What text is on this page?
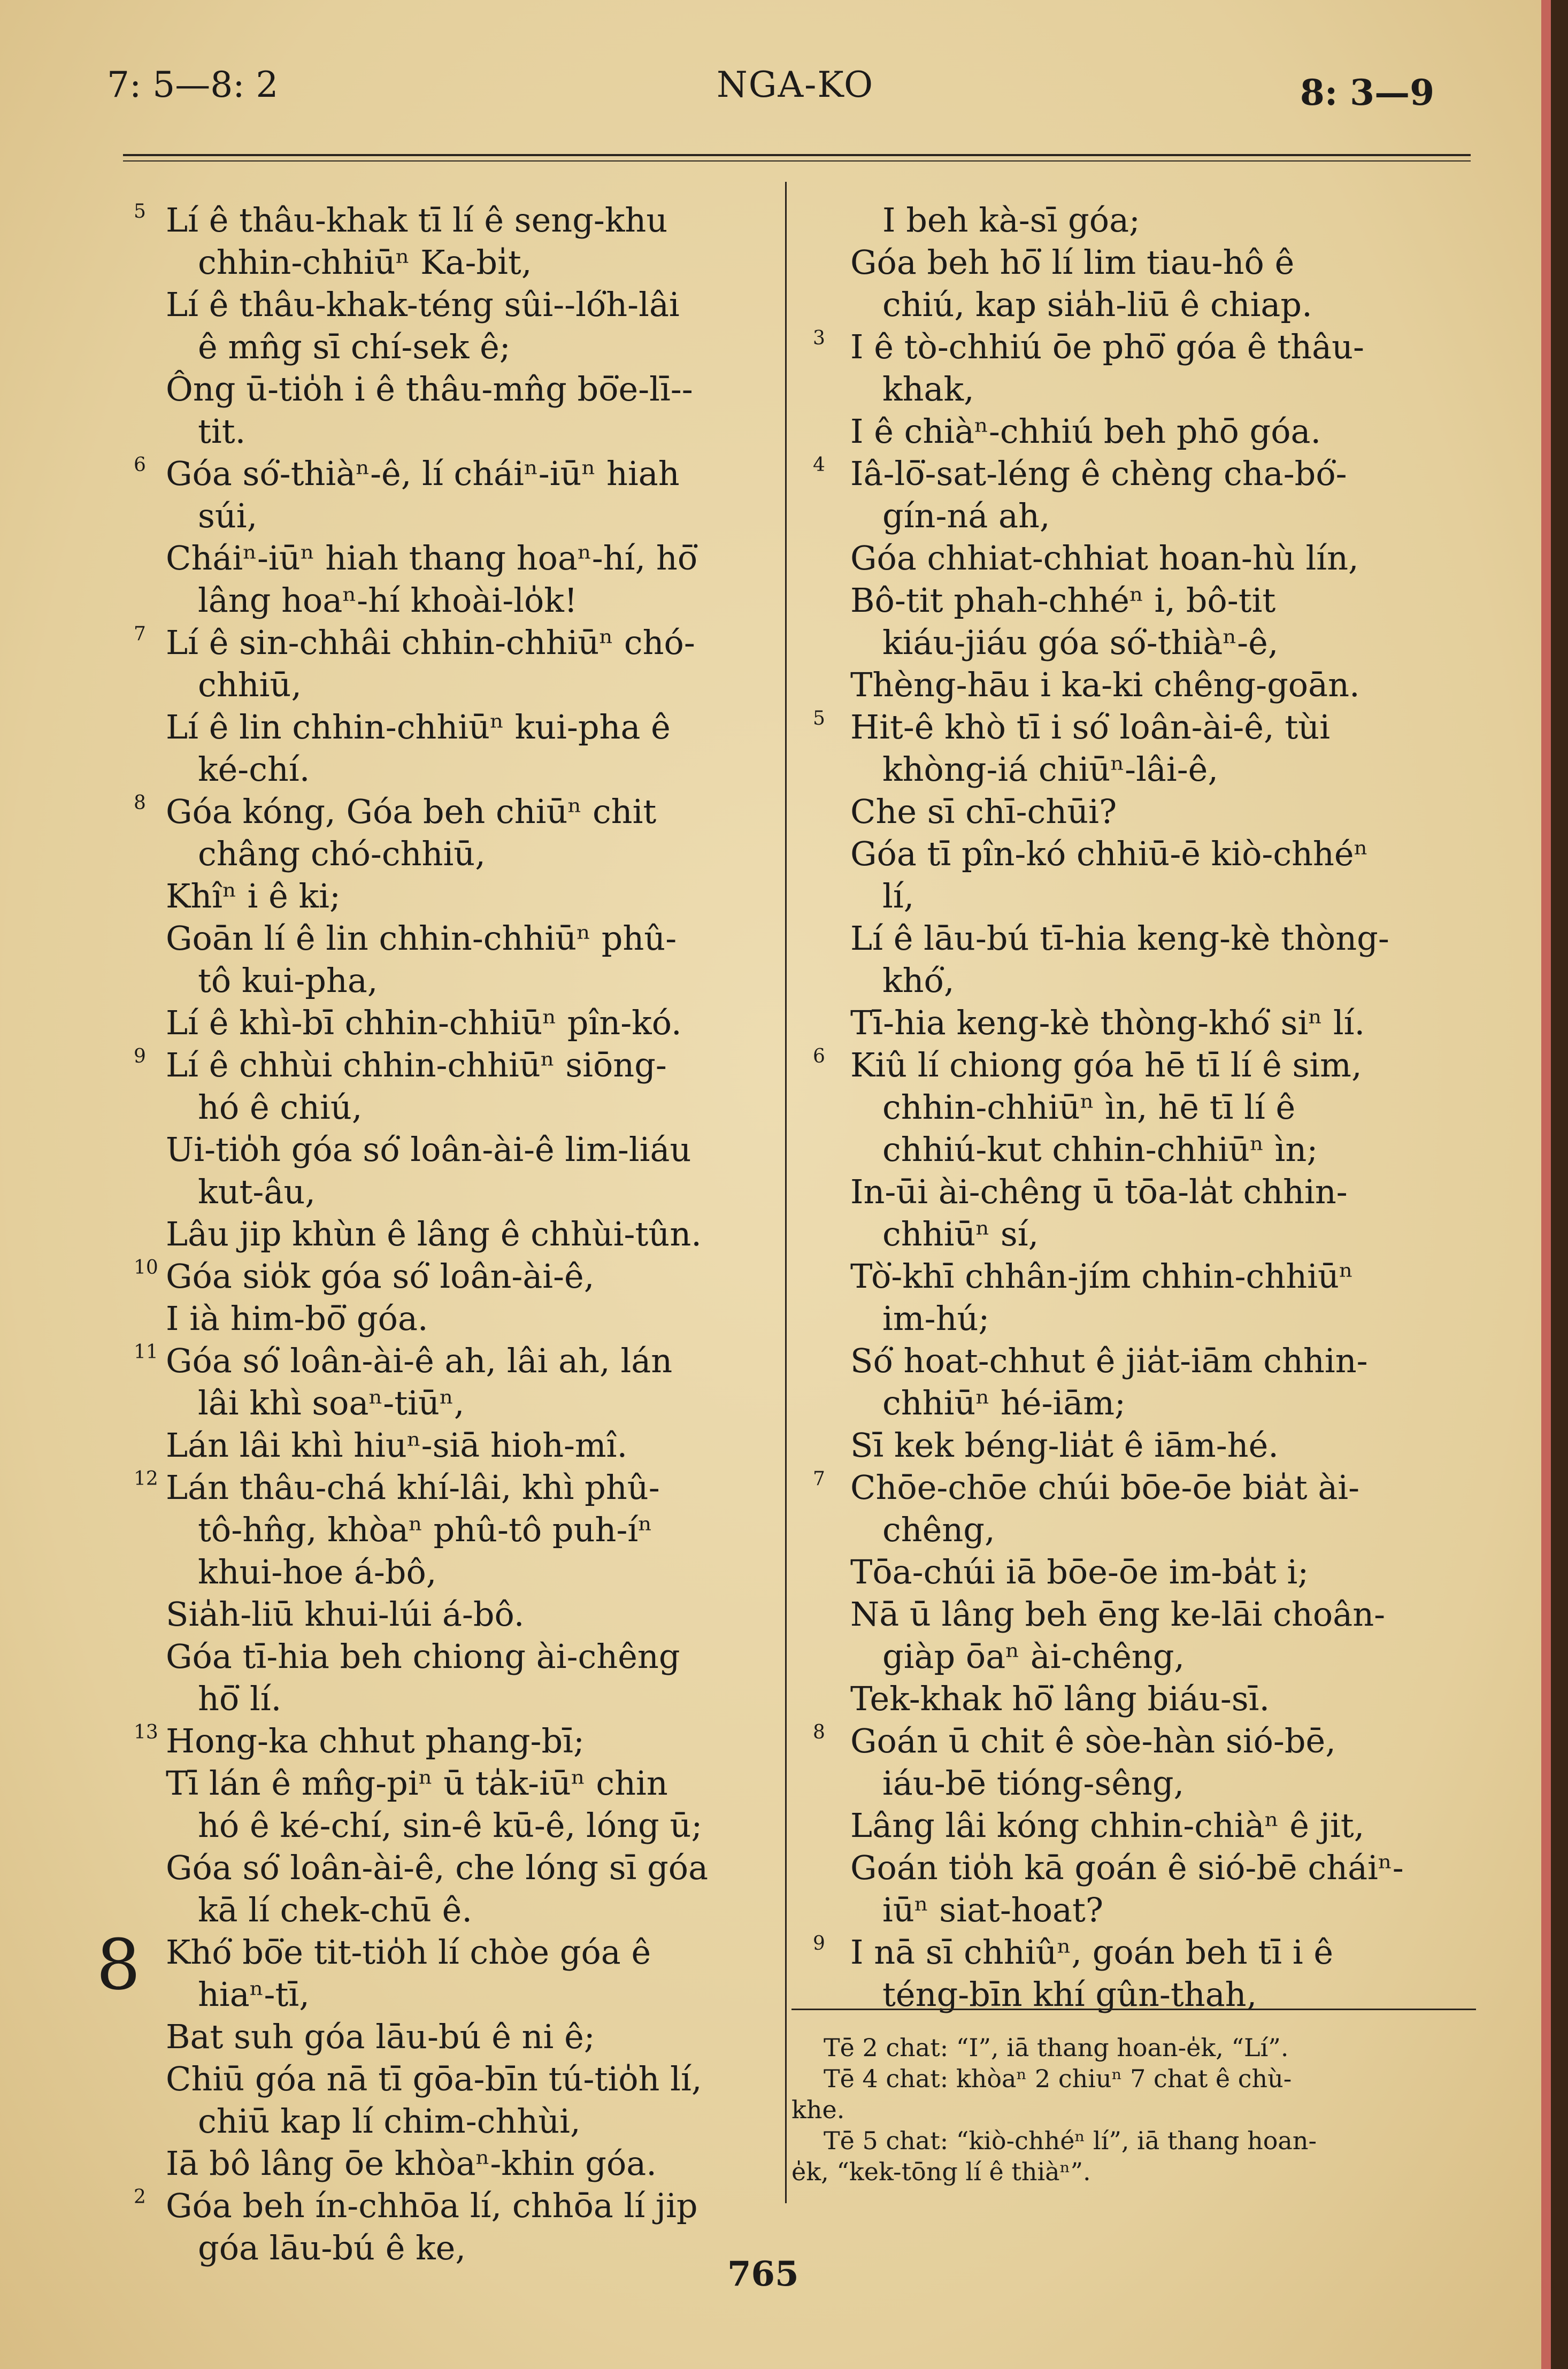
7: 5—8: 2	NGA-KO	8: 3—9
5 Lí ê thâu-khak tī lí ê seng-khu
chhin-chhiūⁿ Ka-bi̍t,
Lí ê thâu-khak-téng sûi--ló͘h-lâi
ê mn̂g sī chí-sek ê;
Ông ū-tio̍h i ê thâu-mn̂g bō͘e-lī--
tit.
6 Góa só͘-thiàⁿ-ê, lí cháiⁿ-iūⁿ hiah
súi,
Cháiⁿ-iūⁿ hiah thang hoaⁿ-hí, hō͘
lâng hoaⁿ-hí khoài-lo̍k!
7 Lí ê sin-chhâi chhin-chhiūⁿ chó-
chhiū,
Lí ê lin chhin-chhiūⁿ kui-pha ê
ké-chí.
8 Góa kóng, Góa beh chiūⁿ chit
châng chó-chhiū,
Khîⁿ i ê ki;
Goān lí ê lin chhin-chhiūⁿ phû-
tô kui-pha,
Lí ê khì-bī chhin-chhiūⁿ pîn-kó.
9 Lí ê chhùi chhin-chhiūⁿ siōng-
hó ê chiú,
Ui-tio̍h góa só͘ loân-ài-ê lim-liáu
kut-âu,
Lâu jip khùn ê lâng ê chhùi-tûn.
10 Góa sio̍k góa só͘ loân-ài-ê,
I ià him-bō͘ góa.
11 Góa só͘ loân-ài-ê ah, lâi ah, lán
lâi khì soaⁿ-tiūⁿ,
Lán lâi khì hiuⁿ-siā hioh-mî.
12 Lán thâu-chá khí-lâi, khì phû-
tô-hn̂g, khòaⁿ phû-tô puh-íⁿ
khui-hoe á-bô,
Sia̍h-liū khui-lúi á-bô.
Góa tī-hia beh chiong ài-chêng
hō͘ lí.
13 Hong-ka chhut phang-bī;
Tī lán ê mn̂g-piⁿ ū ta̍k-iūⁿ chin
hó ê ké-chí, sin-ê kū-ê, lóng ū;
Góa só͘ loân-ài-ê, che lóng sī góa
kā lí chek-chū ê.
8 Khó͘ bō͘e tit-tio̍h lí chòe góa ê
hiaⁿ-tī,
Bat suh góa lāu-bú ê ni ê;
Chiū góa nā tī gōa-bīn tú-tio̍h lí,
chiū kap lí chim-chhùi,
Iā bô lâng ōe khòaⁿ-khin góa.
2 Góa beh ín-chhōa lí, chhōa lí jip
góa lāu-bú ê ke,
I beh kà-sī góa;
Góa beh hō͘ lí lim tiau-hô ê
chiú, kap sia̍h-liū ê chiap.
3 I ê tò-chhiú ōe phō͘ góa ê thâu-
khak,
I ê chiàⁿ-chhiú beh phō góa.
4 Iâ-lō͘-sat-léng ê chèng cha-bó͘-
gín-ná ah,
Góa chhiat-chhiat hoan-hù lín,
Bô-tit phah-chhéⁿ i, bô-tit
kiáu-jiáu góa só͘-thiàⁿ-ê,
Thèng-hāu i ka-ki chêng-goān.
5 Hit-ê khò tī i só͘ loân-ài-ê, tùi
khòng-iá chiūⁿ-lâi-ê,
Che sī chī-chūi?
Góa tī pîn-kó chhiū-ē kiò-chhéⁿ
lí,
Lí ê lāu-bú tī-hia keng-kè thòng-
khó͘,
Tī-hia keng-kè thòng-khó͘ siⁿ lí.
6 Kiû lí chiong góa hē tī lí ê sim,
chhin-chhiūⁿ ìn, hē tī lí ê
chhiú-kut chhin-chhiūⁿ ìn;
In-ūi ài-chêng ū tōa-la̍t chhin-
chhiūⁿ sí,
Tò͘-khī chhân-jím chhin-chhiūⁿ
im-hú;
Só͘ hoat-chhut ê jia̍t-iām chhin-
chhiūⁿ hé-iām;
Sī kek béng-lia̍t ê iām-hé.
7 Chōe-chōe chúi bōe-ōe bia̍t ài-
chêng,
Tōa-chúi iā bōe-ōe im-ba̍t i;
Nā ū lâng beh ēng ke-lāi choân-
giàp ōaⁿ ài-chêng,
Tek-khak hō͘ lâng biáu-sī.
8 Goán ū chit ê sòe-hàn sió-bē,
iáu-bē tióng-sêng,
Lâng lâi kóng chhin-chiàⁿ ê jit,
Goán tio̍h kā goán ê sió-bē cháiⁿ-
iūⁿ siat-hoat?
9 I nā sī chhiûⁿ, goán beh tī i ê
téng-bīn khí gûn-thah,
Tē 2 chat: “I”, iā thang hoan-e̍k, “Lí”.
Tē 4 chat: khòaⁿ 2 chiuⁿ 7 chat ê chù-
khe.
Tē 5 chat: “kiò-chhéⁿ lí”, iā thang hoan-
e̍k, “kek-tōng lí ê thiàⁿ”.
765
